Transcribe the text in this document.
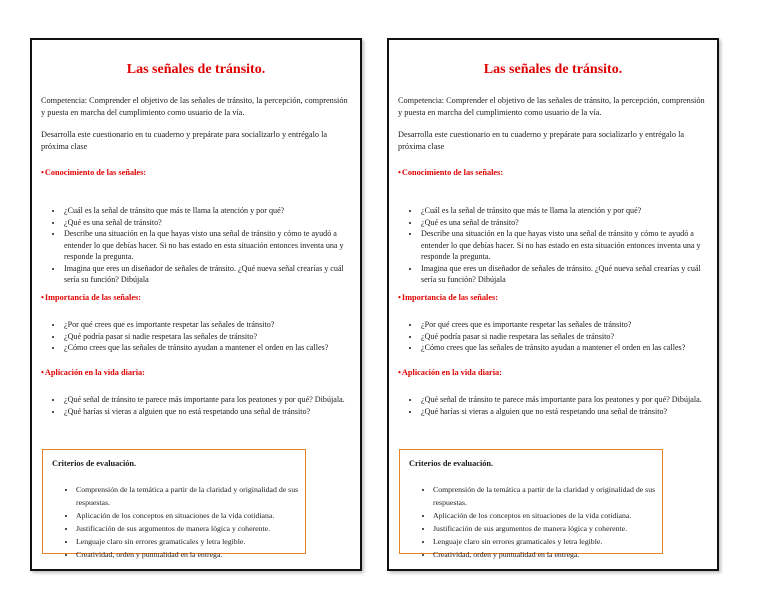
Las señales de tránsito.
Competencia: Comprender el objetivo de las señales de tránsito, la percepción, comprensión y puesta en marcha del cumplimiento como usuario de la vía.
Desarrolla este cuestionario en tu cuaderno y prepárate para socializarlo y entrégalo la próxima clase
•Conocimiento de las señales:
• ¿Cuál es la señal de tránsito que más te llama la atención y por qué?
• ¿Qué es una señal de tránsito?
• Describe una situación en la que hayas visto una señal de tránsito y cómo te ayudó a entender lo que debías hacer. Si no has estado en esta situación entonces inventa una y responde la pregunta.
• Imagina que eres un diseñador de señales de tránsito. ¿Qué nueva señal crearías y cuál sería su función? Dibújala
•Importancia de las señales:
• ¿Por qué crees que es importante respetar las señales de tránsito?
• ¿Qué podría pasar si nadie respetara las señales de tránsito?
• ¿Cómo crees que las señales de tránsito ayudan a mantener el orden en las calles?
•Aplicación en la vida diaria:
• ¿Qué señal de tránsito te parece más importante para los peatones y por qué? Dibújala.
• ¿Qué harías si vieras a alguien que no está respetando una señal de tránsito?
Criterios de evaluación.
• Comprensión de la temática a partir de la claridad y originalidad de sus respuestas.
• Aplicación de los conceptos en situaciones de la vida cotidiana.
• Justificación de sus argumentos de manera lógica y coherente.
• Lenguaje claro sin errores gramaticales y letra legible.
• Creatividad, orden y puntualidad en la entrega.
Las señales de tránsito.
Competencia: Comprender el objetivo de las señales de tránsito, la percepción, comprensión y puesta en marcha del cumplimiento como usuario de la vía.
Desarrolla este cuestionario en tu cuaderno y prepárate para socializarlo y entrégalo la próxima clase
•Conocimiento de las señales:
• ¿Cuál es la señal de tránsito que más te llama la atención y por qué?
• ¿Qué es una señal de tránsito?
• Describe una situación en la que hayas visto una señal de tránsito y cómo te ayudó a entender lo que debías hacer. Si no has estado en esta situación entonces inventa una y responde la pregunta.
• Imagina que eres un diseñador de señales de tránsito. ¿Qué nueva señal crearías y cuál sería su función? Dibújala
•Importancia de las señales:
• ¿Por qué crees que es importante respetar las señales de tránsito?
• ¿Qué podría pasar si nadie respetara las señales de tránsito?
• ¿Cómo crees que las señales de tránsito ayudan a mantener el orden en las calles?
•Aplicación en la vida diaria:
• ¿Qué señal de tránsito te parece más importante para los peatones y por qué? Dibújala.
• ¿Qué harías si vieras a alguien que no está respetando una señal de tránsito?
Criterios de evaluación.
• Comprensión de la temática a partir de la claridad y originalidad de sus respuestas.
• Aplicación de los conceptos en situaciones de la vida cotidiana.
• Justificación de sus argumentos de manera lógica y coherente.
• Lenguaje claro sin errores gramaticales y letra legible.
• Creatividad, orden y puntualidad en la entrega.
